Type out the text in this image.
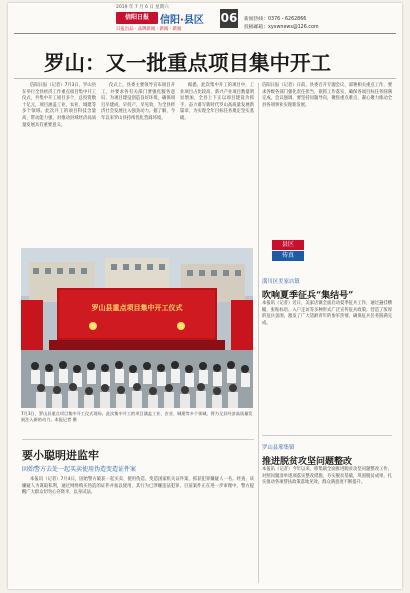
2019 年 7 月 6 日 星期六
信阳日报	信阳·县区
日报出品 · 品牌新闻 · 新闻 · 新闻
06 新闻热线：0376 - 6262866
投稿邮箱：xyxwnews@126.com
罗山：又一批重点项目集中开工

信阳日报（记者）7月3日，罗山县在举行全县经济工作重点项目集中开工仪式，共集中开工项目多个，总投资数十亿元，项目涵盖工业、农业、城建等多个领域。此次开工的项目科技含量高、带动能力强，对推动县域经济高质量发展具有重要意义。

仪式上，县委主要领导宣布项目开工，并要求各有关部门要强化服务意识，为项目建设创造良好环境，确保项目早建成、早投产、早见效，为全县经济社会发展注入强劲动力。据了解，今年以来罗山县持续优化营商环境。

据悉，此次集中开工的项目中，工业项目占比较高，新兴产业项目数量明显增加，全县上下正以项目建设为抓手，奋力谱写新时代罗山高质量发展新篇章，为实现全年目标任务奠定坚实基础。

罗山县重点项目集中开工仪式
7月3日，罗山县重点项目集中开工仪式现场。此次集中开工的项目涵盖工业、农业、城建等多个领域，将为全县经济高质量发展注入新的动力。本报记者 摄
要小聪明进监牢
固始警方去处一起买卖使用伪造变造证件案

本报讯（记者）7月4日，固始警方破获一起买卖、使用伪造、变造国家机关证件案，抓获犯罪嫌疑人一名。经查，该嫌疑人为谋取私利，通过网络购买伪造的证件并加以使用，其行为已涉嫌违法犯罪，目前案件正在进一步审理中。警方提醒广大群众切勿心存侥幸，以身试法。

信阳日报（记者）日前，县委召开专题会议，部署相关重点工作，要求各级各部门强化责任担当，狠抓工作落实，确保各项目标任务圆满完成。会议强调，要坚持问题导向，聚焦重点难点，凝心聚力推动全县各项事业实现新发展。

县区
传真
潢川区美家店镇
吹响夏季征兵“集结号”

本报讯（记者）近日，美家店镇全面启动夏季征兵工作，通过悬挂横幅、张贴标语、入户走访等多种形式广泛宣传征兵政策，营造了浓厚的征兵氛围，激发了广大适龄青年的参军热情，确保征兵任务圆满完成。

罗山县邢集镇
推进脱贫攻坚问题整改

本报讯（记者）今年以来，邢集镇全面推进脱贫攻坚问题整改工作，对照问题清单逐项落实整改措施，夯实脱贫基础，巩固脱贫成果，扎实推动各项帮扶政策落地见效，群众满意度不断提升。
